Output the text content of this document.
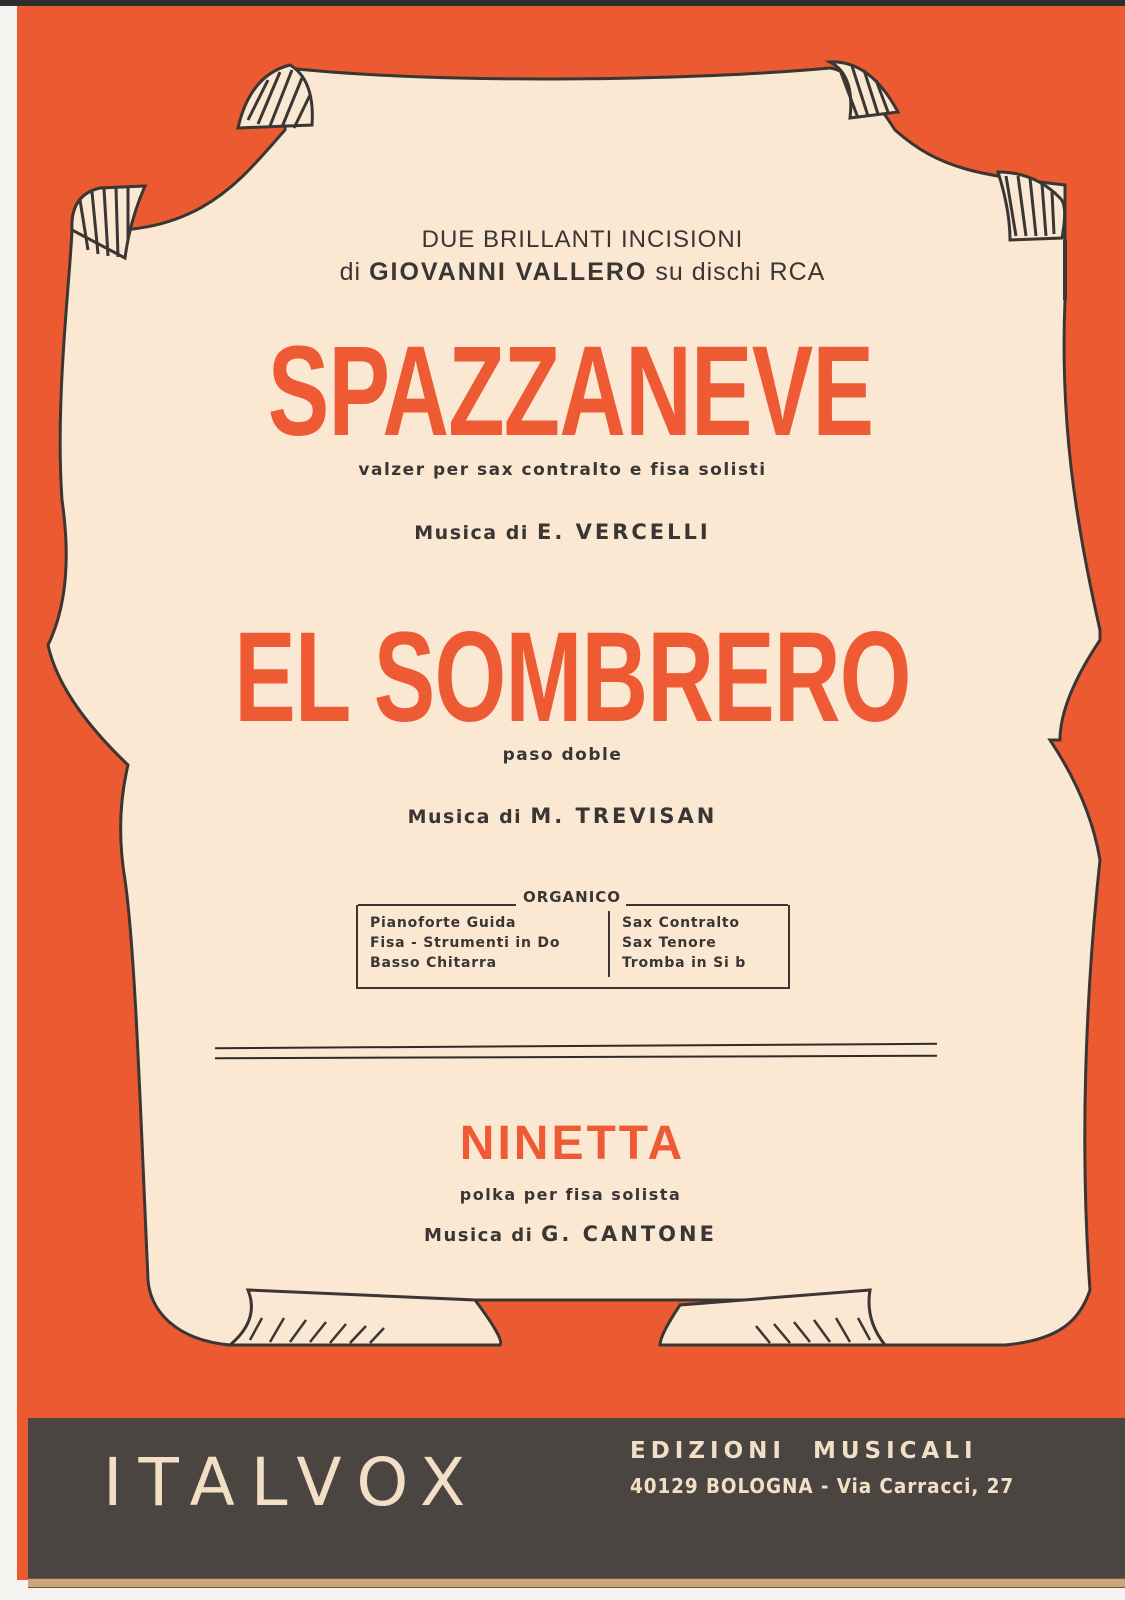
DUE BRILLANTI INCISIONI
di GIOVANNI VALLERO su dischi RCA
SPAZZANEVE
valzer per sax contralto e fisa solisti
Musica di E. VERCELLI
EL SOMBRERO
paso doble
Musica di M. TREVISAN
ORGANICO
Pianoforte Guida
Fisa - Strumenti in Do
Basso Chitarra
Sax Contralto
Sax Tenore
Tromba in Si b
NINETTA
polka per fisa solista
Musica di G. CANTONE
ITALVOX	EDIZIONI MUSICALI
40129 BOLOGNA - Via Carracci, 27
